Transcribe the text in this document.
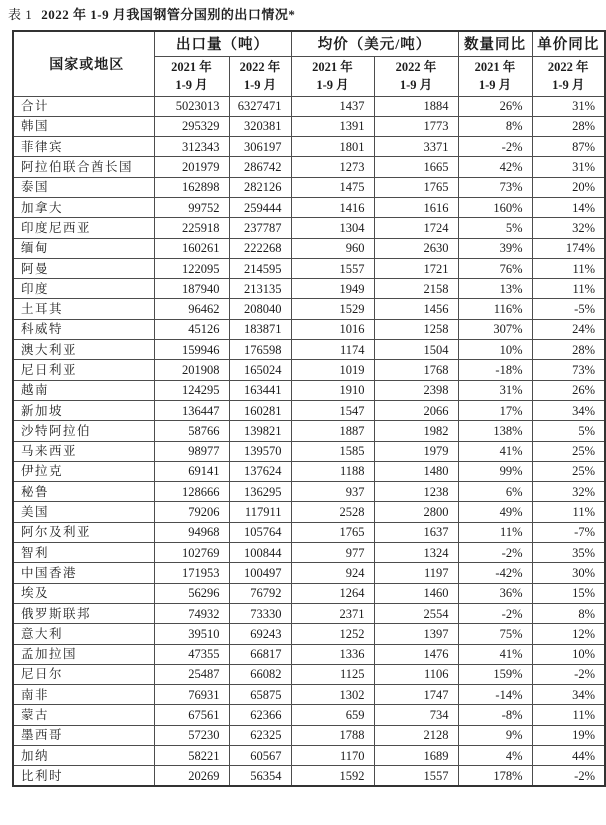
表 1 2022 年 1-9 月我国钢管分国别的出口情况*
国家或地区	出口量（吨）		均价（美元/吨）		数量同比	单价同比

	2021 年
1-9 月	2022 年
1-9 月	2021 年
1-9 月	2022 年
1-9 月	2021 年
1-9 月	2022 年
1-9 月

合计	5023013	6327471	1437	1884	26%	31%
韩国	295329	320381	1391	1773	8%	28%
菲律宾	312343	306197	1801	3371	-2%	87%
阿拉伯联合酋长国	201979	286742	1273	1665	42%	31%
泰国	162898	282126	1475	1765	73%	20%
加拿大	99752	259444	1416	1616	160%	14%
印度尼西亚	225918	237787	1304	1724	5%	32%
缅甸	160261	222268	960	2630	39%	174%
阿曼	122095	214595	1557	1721	76%	11%
印度	187940	213135	1949	2158	13%	11%
土耳其	96462	208040	1529	1456	116%	-5%
科威特	45126	183871	1016	1258	307%	24%
澳大利亚	159946	176598	1174	1504	10%	28%
尼日利亚	201908	165024	1019	1768	-18%	73%
越南	124295	163441	1910	2398	31%	26%
新加坡	136447	160281	1547	2066	17%	34%
沙特阿拉伯	58766	139821	1887	1982	138%	5%
马来西亚	98977	139570	1585	1979	41%	25%
伊拉克	69141	137624	1188	1480	99%	25%
秘鲁	128666	136295	937	1238	6%	32%
美国	79206	117911	2528	2800	49%	11%
阿尔及利亚	94968	105764	1765	1637	11%	-7%
智利	102769	100844	977	1324	-2%	35%
中国香港	171953	100497	924	1197	-42%	30%
埃及	56296	76792	1264	1460	36%	15%
俄罗斯联邦	74932	73330	2371	2554	-2%	8%
意大利	39510	69243	1252	1397	75%	12%
孟加拉国	47355	66817	1336	1476	41%	10%
尼日尔	25487	66082	1125	1106	159%	-2%
南非	76931	65875	1302	1747	-14%	34%
蒙古	67561	62366	659	734	-8%	11%
墨西哥	57230	62325	1788	2128	9%	19%
加纳	58221	60567	1170	1689	4%	44%
比利时	20269	56354	1592	1557	178%	-2%
